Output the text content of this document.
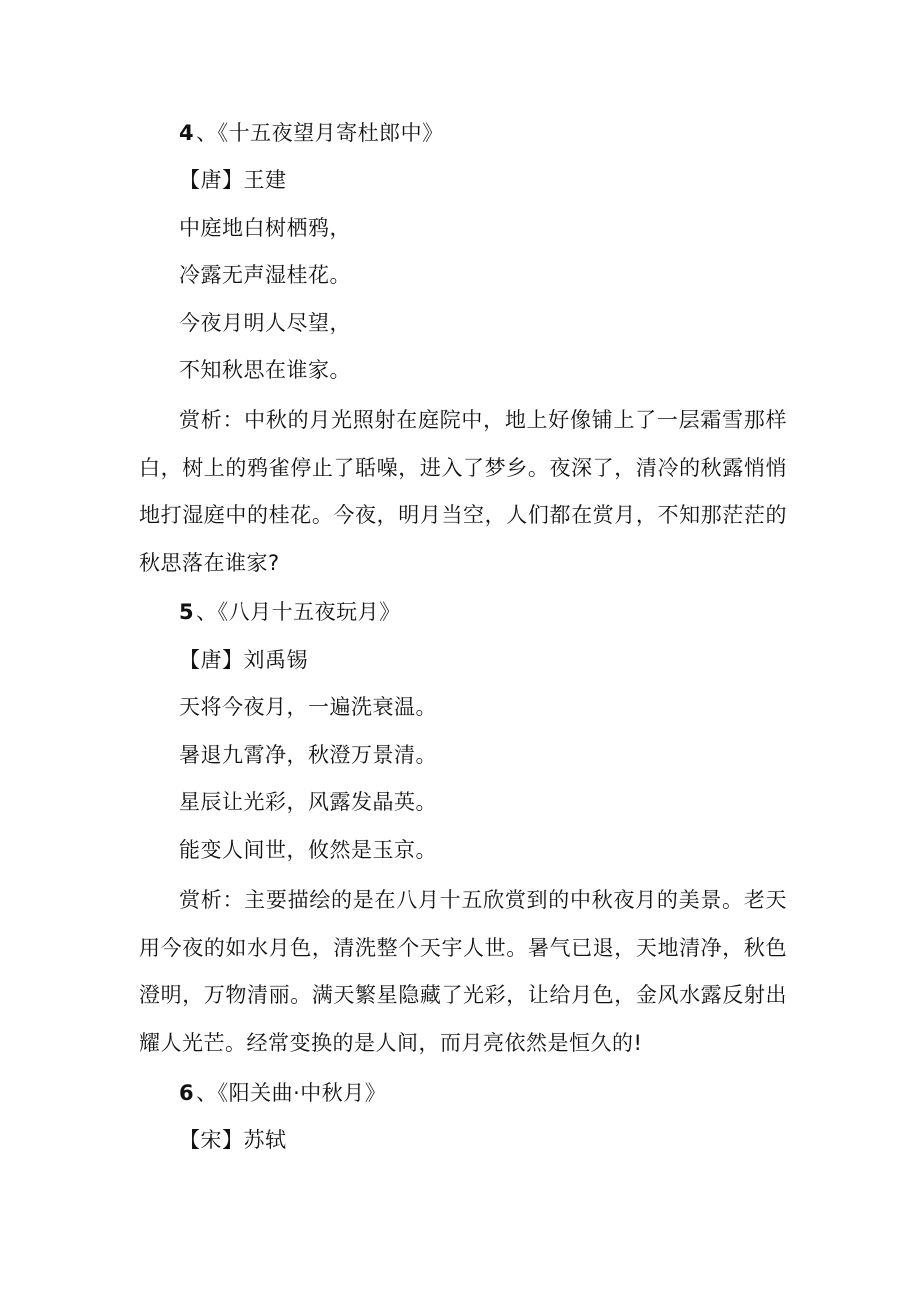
4、《十五夜望月寄杜郎中》
【唐】王建
中庭地白树栖鸦，
冷露无声湿桂花。
今夜月明人尽望，
不知秋思在谁家。
赏析：中秋的月光照射在庭院中，地上好像铺上了一层霜雪那样白，树上的鸦雀停止了聒噪，进入了梦乡。夜深了，清冷的秋露悄悄地打湿庭中的桂花。今夜，明月当空，人们都在赏月，不知那茫茫的秋思落在谁家?
5、《八月十五夜玩月》
【唐】刘禹锡
天将今夜月，一遍洗衰温。
暑退九霄净，秋澄万景清。
星辰让光彩，风露发晶英。
能变人间世，攸然是玉京。
赏析：主要描绘的是在八月十五欣赏到的中秋夜月的美景。老天用今夜的如水月色，清洗整个天宇人世。暑气已退，天地清净，秋色澄明，万物清丽。满天繁星隐藏了光彩，让给月色，金风水露反射出耀人光芒。经常变换的是人间，而月亮依然是恒久的!
6、《阳关曲·中秋月》
【宋】苏轼
